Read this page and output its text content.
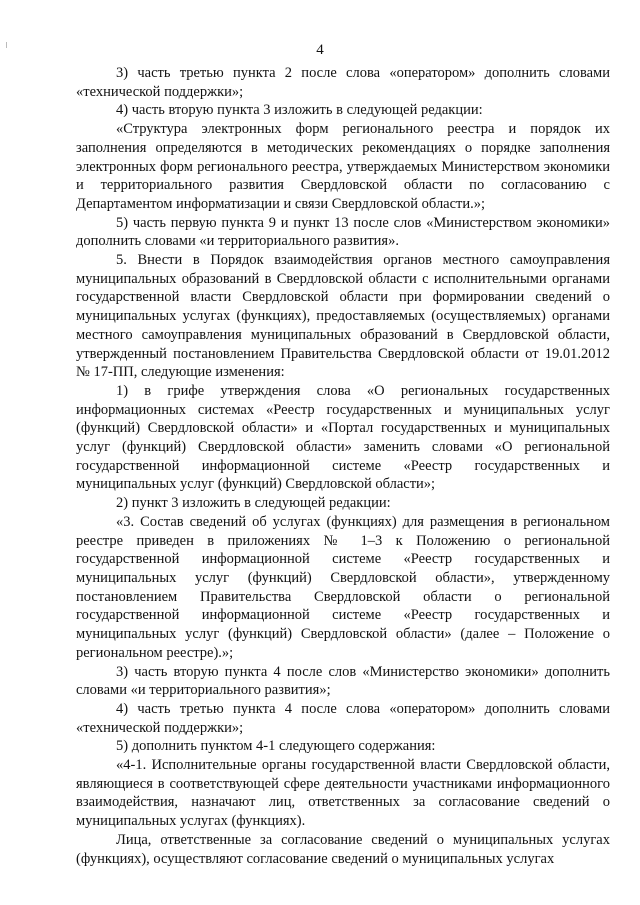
4

3) часть третью пункта 2 после слова «оператором» дополнить словами «технической поддержки»;

4) часть вторую пункта 3 изложить в следующей редакции:

«Структура электронных форм регионального реестра и порядок их заполнения определяются в методических рекомендациях о порядке заполнения электронных форм регионального реестра, утверждаемых Министерством экономики и территориального развития Свердловской области по согласованию с Департаментом информатизации и связи Свердловской области.»;

5) часть первую пункта 9 и пункт 13 после слов «Министерством экономики» дополнить словами «и территориального развития».

5. Внести в Порядок взаимодействия органов местного самоуправления муниципальных образований в Свердловской области с исполнительными органами государственной власти Свердловской области при формировании сведений о муниципальных услугах (функциях), предоставляемых (осуществляемых) органами местного самоуправления муниципальных образований в Свердловской области, утвержденный постановлением Правительства Свердловской области от 19.01.2012 № 17-ПП, следующие изменения:

1) в грифе утверждения слова «О региональных государственных информационных системах «Реестр государственных и муниципальных услуг (функций) Свердловской области» и «Портал государственных и муниципальных услуг (функций) Свердловской области» заменить словами «О региональной государственной информационной системе «Реестр государственных и муниципальных услуг (функций) Свердловской области»;

2) пункт 3 изложить в следующей редакции:

«3. Состав сведений об услугах (функциях) для размещения в региональном реестре приведен в приложениях № 1–3 к Положению о региональной государственной информационной системе «Реестр государственных и муниципальных услуг (функций) Свердловской области», утвержденному постановлением Правительства Свердловской области о региональной государственной информационной системе «Реестр государственных и муниципальных услуг (функций) Свердловской области» (далее – Положение о региональном реестре).»;

3) часть вторую пункта 4 после слов «Министерство экономики» дополнить словами «и территориального развития»;

4) часть третью пункта 4 после слова «оператором» дополнить словами «технической поддержки»;

5) дополнить пунктом 4-1 следующего содержания:

«4-1. Исполнительные органы государственной власти Свердловской области, являющиеся в соответствующей сфере деятельности участниками информационного взаимодействия, назначают лиц, ответственных за согласование сведений о муниципальных услугах (функциях).

Лица, ответственные за согласование сведений о муниципальных услугах (функциях), осуществляют согласование сведений о муниципальных услугах
